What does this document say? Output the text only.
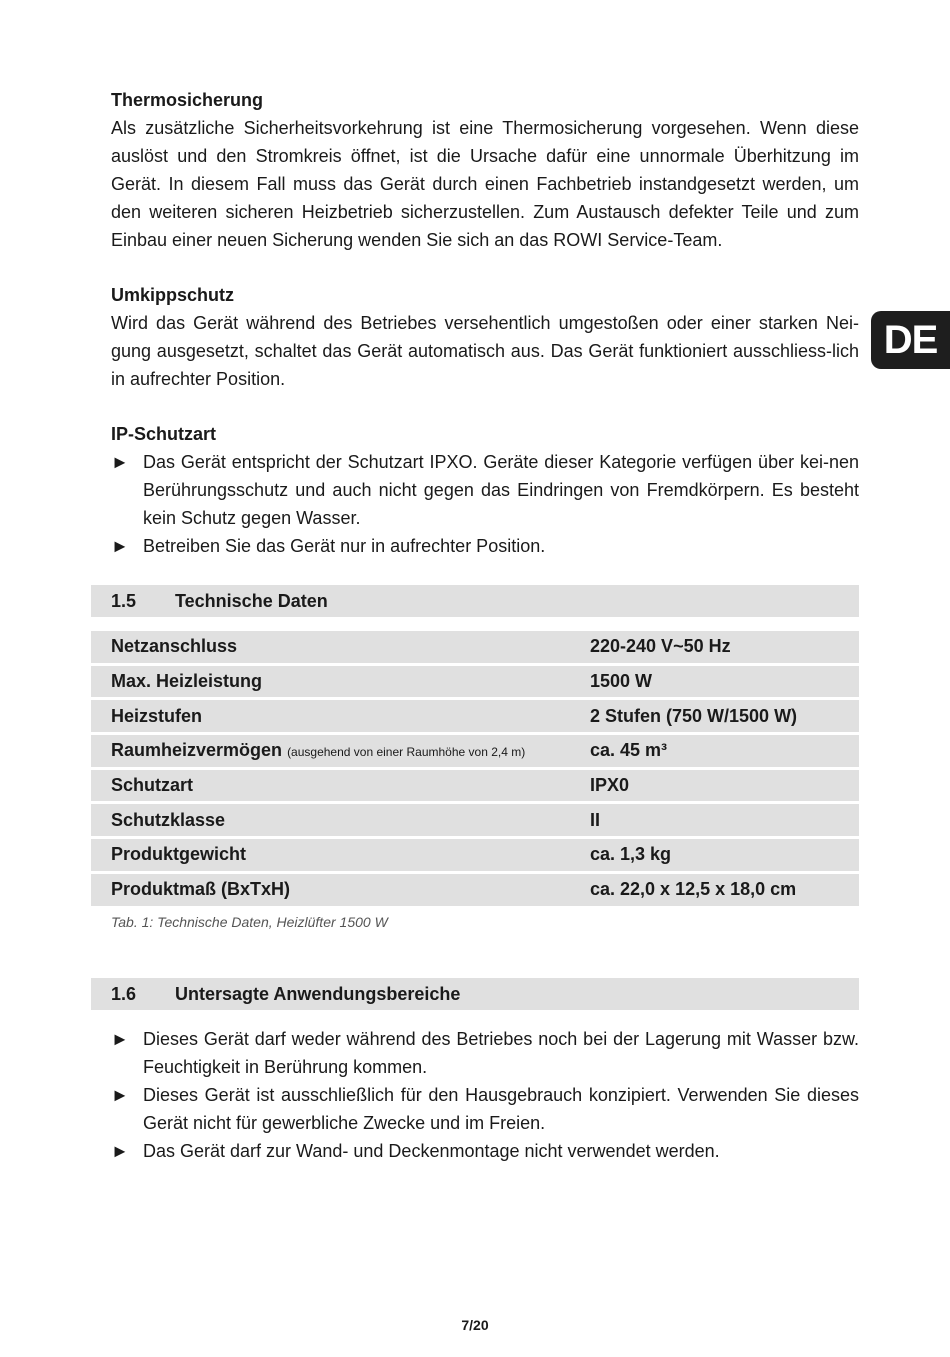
Thermosicherung

Als zusätzliche Sicherheitsvorkehrung ist eine Thermosicherung vorgesehen. Wenn diese auslöst und den Stromkreis öffnet, ist die Ursache dafür eine unnormale Überhitzung im Gerät. In diesem Fall muss das Gerät durch einen Fachbetrieb instandgesetzt werden, um den weiteren sicheren Heizbetrieb sicherzustellen. Zum Austausch defekter Teile und zum Einbau einer neuen Sicherung wenden Sie sich an das ROWI Service-Team.

Umkippschutz

Wird das Gerät während des Betriebes versehentlich umgestoßen oder einer starken Nei-gung ausgesetzt, schaltet das Gerät automatisch aus. Das Gerät funktioniert ausschliess-lich in aufrechter Position.

IP-Schutzart

► Das Gerät entspricht der Schutzart IPXO. Geräte dieser Kategorie verfügen über kei-nen Berührungsschutz und auch nicht gegen das Eindringen von Fremdkörpern. Es besteht kein Schutz gegen Wasser.
► Betreiben Sie das Gerät nur in aufrechter Position.
DE
1.5 Technische Daten
Netzanschluss	220-240 V~50 Hz
Max. Heizleistung	1500 W
Heizstufen	2 Stufen (750 W/1500 W)
Raumheizvermögen (ausgehend von einer Raumhöhe von 2,4 m)	ca. 45 m³
Schutzart	IPX0
Schutzklasse	II
Produktgewicht	ca. 1,3 kg
Produktmaß (BxTxH)	ca. 22,0 x 12,5 x 18,0 cm
Tab. 1: Technische Daten, Heizlüfter 1500 W
1.6 Untersagte Anwendungsbereiche
► Dieses Gerät darf weder während des Betriebes noch bei der Lagerung mit Wasser bzw. Feuchtigkeit in Berührung kommen.
► Dieses Gerät ist ausschließlich für den Hausgebrauch konzipiert. Verwenden Sie dieses Gerät nicht für gewerbliche Zwecke und im Freien.
► Das Gerät darf zur Wand- und Deckenmontage nicht verwendet werden.
7/20
